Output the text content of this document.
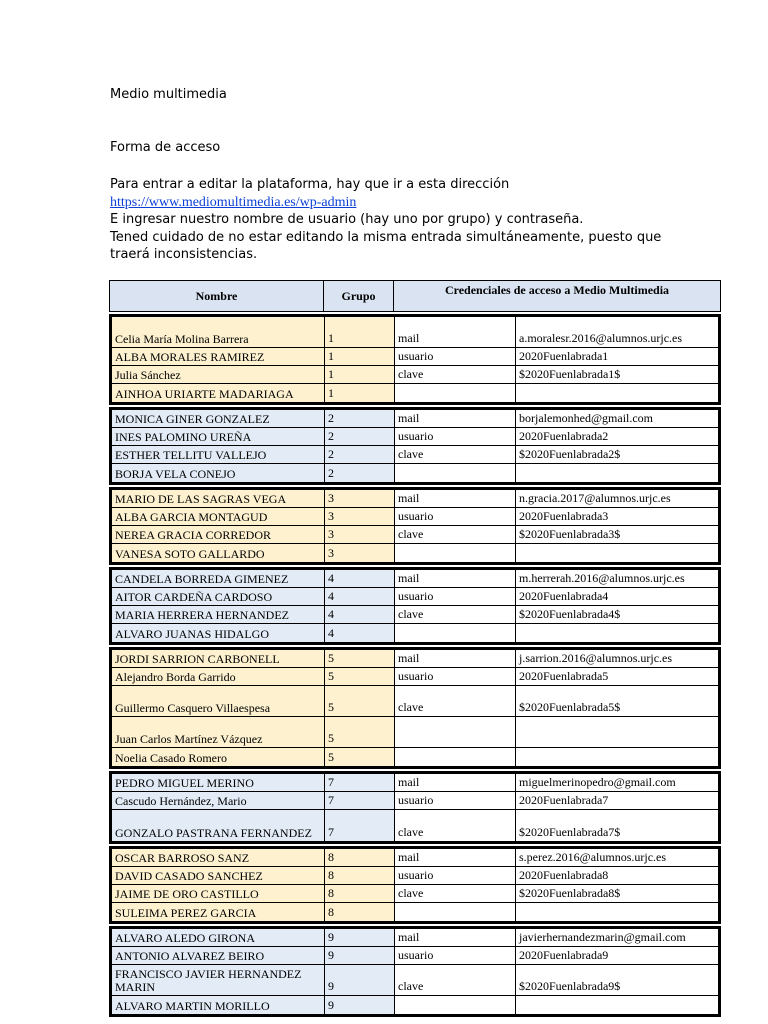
Medio multimedia
Forma de acceso

Para entrar a editar la plataforma, hay que ir a esta dirección

https://www.mediomultimedia.es/wp-admin

E ingresar nuestro nombre de usuario (hay uno por grupo) y contraseña.

Tened cuidado de no estar editando la misma entrada simultáneamente, puesto que

traerá inconsistencias.

Nombre	Grupo	Credenciales de acceso a Medio Multimedia
Celia María Molina Barrera	1	mail	a.moralesr.2016@alumnos.urjc.es
ALBA MORALES RAMIREZ	1	usuario	2020Fuenlabrada1
Julia Sánchez	1	clave	$2020Fuenlabrada1$
AINHOA URIARTE MADARIAGA	1
MONICA GINER GONZALEZ	2	mail	borjalemonhed@gmail.com
INES PALOMINO UREÑA	2	usuario	2020Fuenlabrada2
ESTHER TELLITU VALLEJO	2	clave	$2020Fuenlabrada2$
BORJA VELA CONEJO	2
MARIO DE LAS SAGRAS VEGA	3	mail	n.gracia.2017@alumnos.urjc.es
ALBA GARCIA MONTAGUD	3	usuario	2020Fuenlabrada3
NEREA GRACIA CORREDOR	3	clave	$2020Fuenlabrada3$
VANESA SOTO GALLARDO	3
CANDELA BORREDA GIMENEZ	4	mail	m.herrerah.2016@alumnos.urjc.es
AITOR CARDEÑA CARDOSO	4	usuario	2020Fuenlabrada4
MARIA HERRERA HERNANDEZ	4	clave	$2020Fuenlabrada4$
ALVARO JUANAS HIDALGO	4
JORDI SARRION CARBONELL	5	mail	j.sarrion.2016@alumnos.urjc.es
Alejandro Borda Garrido	5	usuario	2020Fuenlabrada5
Guillermo Casquero Villaespesa	5	clave	$2020Fuenlabrada5$
Juan Carlos Martínez Vázquez	5
Noelia Casado Romero	5
PEDRO MIGUEL MERINO	7	mail	miguelmerinopedro@gmail.com
Cascudo Hernández, Mario	7	usuario	2020Fuenlabrada7
GONZALO PASTRANA FERNANDEZ 7	clave	$2020Fuenlabrada7$
OSCAR BARROSO SANZ	8	mail	s.perez.2016@alumnos.urjc.es
DAVID CASADO SANCHEZ	8	usuario	2020Fuenlabrada8
JAIME DE ORO CASTILLO	8	clave	$2020Fuenlabrada8$
SULEIMA PEREZ GARCIA	8
ALVARO ALEDO GIRONA	9	mail	javierhernandezmarin@gmail.com
ANTONIO ALVAREZ BEIRO	9	usuario	2020Fuenlabrada9
FRANCISCO JAVIER HERNANDEZ MARIN	9	clave	$2020Fuenlabrada9$
ALVARO MARTIN MORILLO	9
